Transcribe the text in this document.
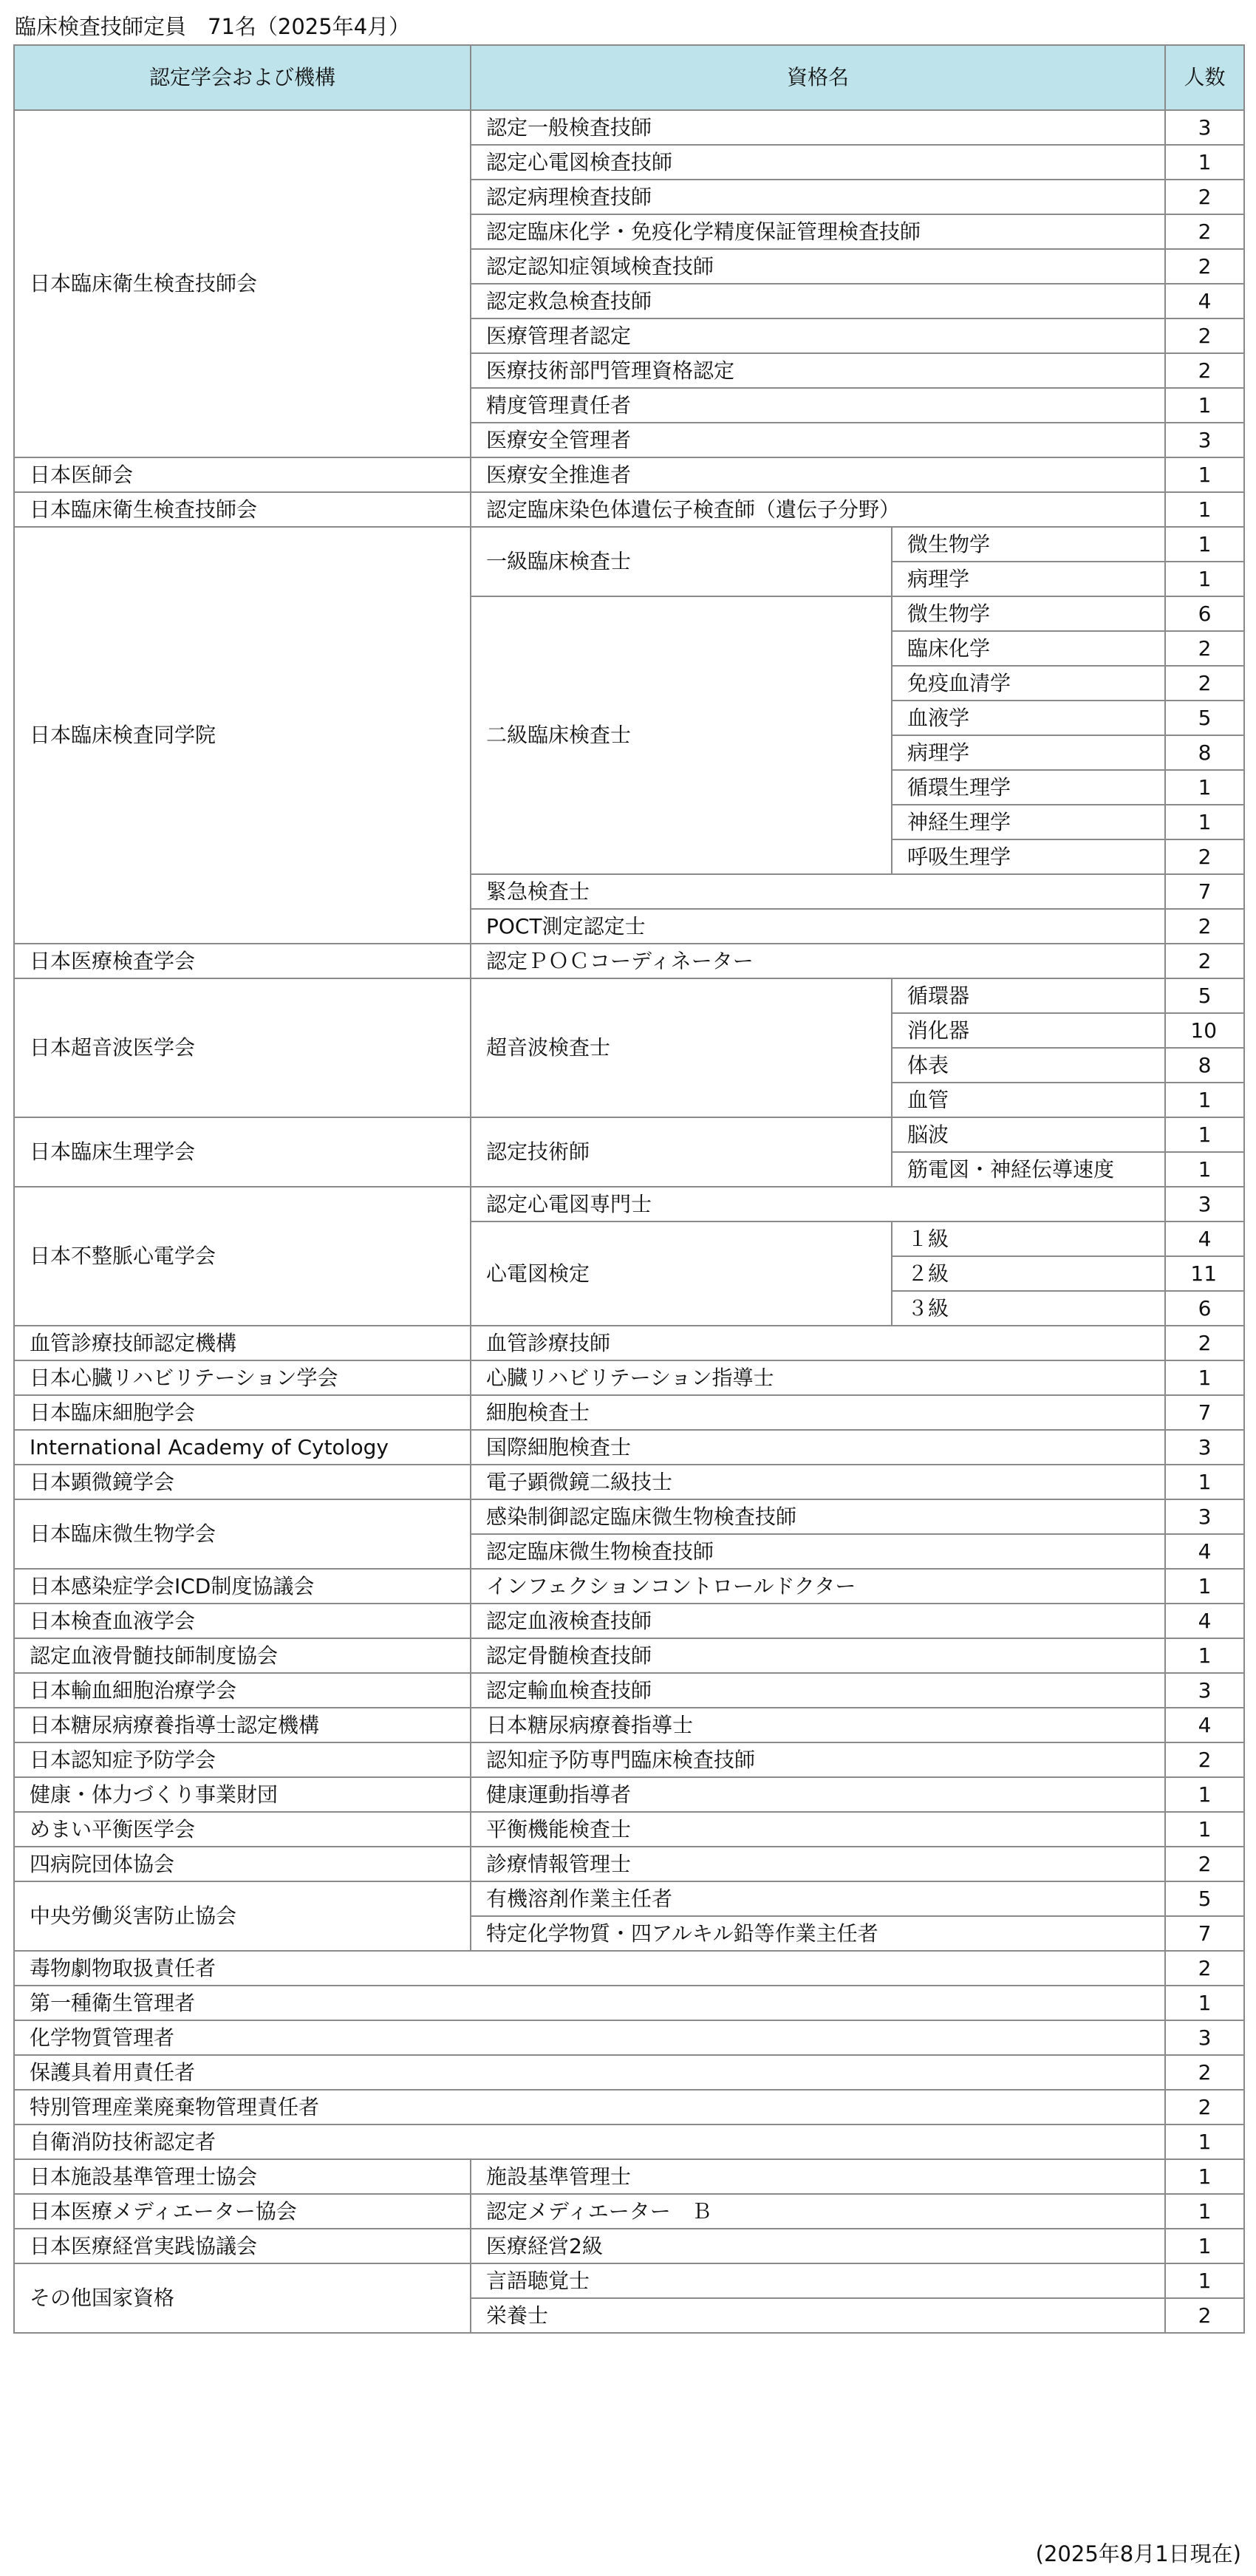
臨床検査技師定員　71名（2025年4月）
認定学会および機構	資格名		人数
日本臨床衛生検査技師会	認定一般検査技師		3
	認定心電図検査技師		1
	認定病理検査技師		2
	認定臨床化学・免疫化学精度保証管理検査技師		2
	認定認知症領域検査技師		2
	認定救急検査技師		4
	医療管理者認定		2
	医療技術部門管理資格認定		2
	精度管理責任者		1
	医療安全管理者		3
日本医師会	医療安全推進者		1
日本臨床衛生検査技師会	認定臨床染色体遺伝子検査師（遺伝子分野）		1
日本臨床検査同学院	一級臨床検査士	微生物学	1
		病理学	1
	二級臨床検査士	微生物学	6
		臨床化学	2
		免疫血清学	2
		血液学	5
		病理学	8
		循環生理学	1
		神経生理学	1
		呼吸生理学	2
	緊急検査士		7
	POCT測定認定士		2
日本医療検査学会	認定ＰＯＣコーディネーター		2
日本超音波医学会	超音波検査士	循環器	5
		消化器	10
		体表	8
		血管	1
日本臨床生理学会	認定技術師	脳波	1
		筋電図・神経伝導速度	1
日本不整脈心電学会	認定心電図専門士		3
	心電図検定	１級	4
		２級	11
		３級	6
血管診療技師認定機構	血管診療技師		2
日本心臓リハビリテーション学会	心臓リハビリテーション指導士		1
日本臨床細胞学会	細胞検査士		7
International Academy of Cytology	国際細胞検査士		3
日本顕微鏡学会	電子顕微鏡二級技士		1
日本臨床微生物学会	感染制御認定臨床微生物検査技師		3
	認定臨床微生物検査技師		4
日本感染症学会ICD制度協議会	インフェクションコントロールドクター		1
日本検査血液学会	認定血液検査技師		4
認定血液骨髄技師制度協会	認定骨髄検査技師		1
日本輸血細胞治療学会	認定輸血検査技師		3
日本糖尿病療養指導士認定機構	日本糖尿病療養指導士		4
日本認知症予防学会	認知症予防専門臨床検査技師		2
健康・体力づくり事業財団	健康運動指導者		1
めまい平衡医学会	平衡機能検査士		1
四病院団体協会	診療情報管理士		2
中央労働災害防止協会	有機溶剤作業主任者		5
	特定化学物質・四アルキル鉛等作業主任者		7
毒物劇物取扱責任者			2
第一種衛生管理者			1
化学物質管理者			3
保護具着用責任者			2
特別管理産業廃棄物管理責任者			2
自衛消防技術認定者			1
日本施設基準管理士協会	施設基準管理士		1
日本医療メディエーター協会	認定メディエーター　Ｂ		1
日本医療経営実践協議会	医療経営2級		1
その他国家資格	言語聴覚士		1
	栄養士		2
(2025年8月1日現在)
